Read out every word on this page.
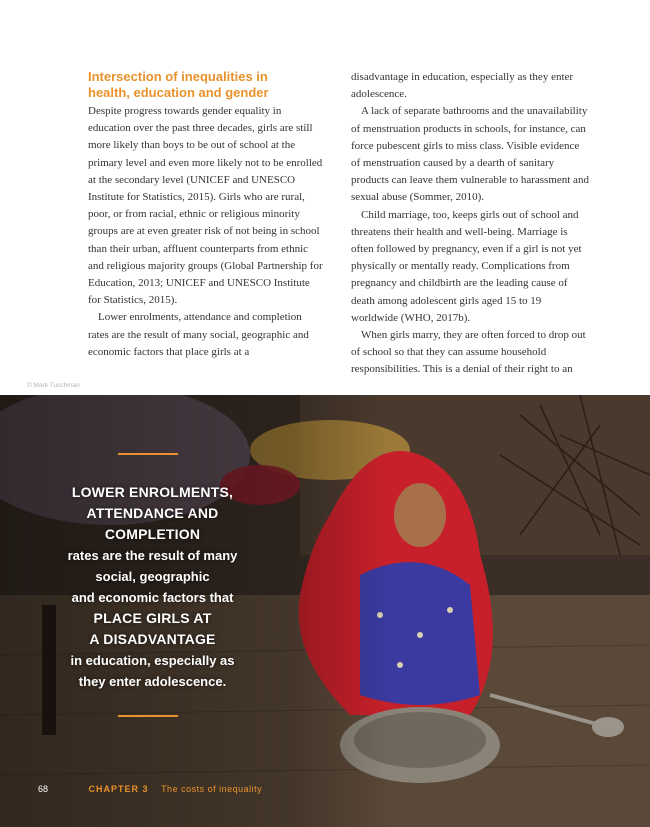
Intersection of inequalities in
health, education and gender

Despite progress towards gender equality in education over the past three decades, girls are still more likely than boys to be out of school at the primary level and even more likely not to be enrolled at the secondary level (UNICEF and UNESCO Institute for Statistics, 2015). Girls who are rural, poor, or from racial, ethnic or religious minority groups are at even greater risk of not being in school than their urban, affluent counterparts from ethnic and religious majority groups (Global Partnership for Education, 2013; UNICEF and UNESCO Institute for Statistics, 2015).

Lower enrolments, attendance and completion rates are the result of many social, geographic and economic factors that place girls at a

disadvantage in education, especially as they enter adolescence.

A lack of separate bathrooms and the unavailability of menstruation products in schools, for instance, can force pubescent girls to miss class. Visible evidence of menstruation caused by a dearth of sanitary products can leave them vulnerable to harassment and sexual abuse (Sommer, 2010).

Child marriage, too, keeps girls out of school and threatens their health and well-being. Marriage is often followed by pregnancy, even if a girl is not yet physically or mentally ready. Complications from pregnancy and childbirth are the leading cause of death among adolescent girls aged 15 to 19 worldwide (WHO, 2017b).

When girls marry, they are often forced to drop out of school so that they can assume household responsibilities. This is a denial of their right to an

© Mark Tuschman
LOWER ENROLMENTS,
ATTENDANCE AND
COMPLETION
rates are the result of many
social, geographic
and economic factors that
PLACE GIRLS AT
A DISADVANTAGE
in education, especially as
they enter adolescence.
68	CHAPTER 3 The costs of inequality
